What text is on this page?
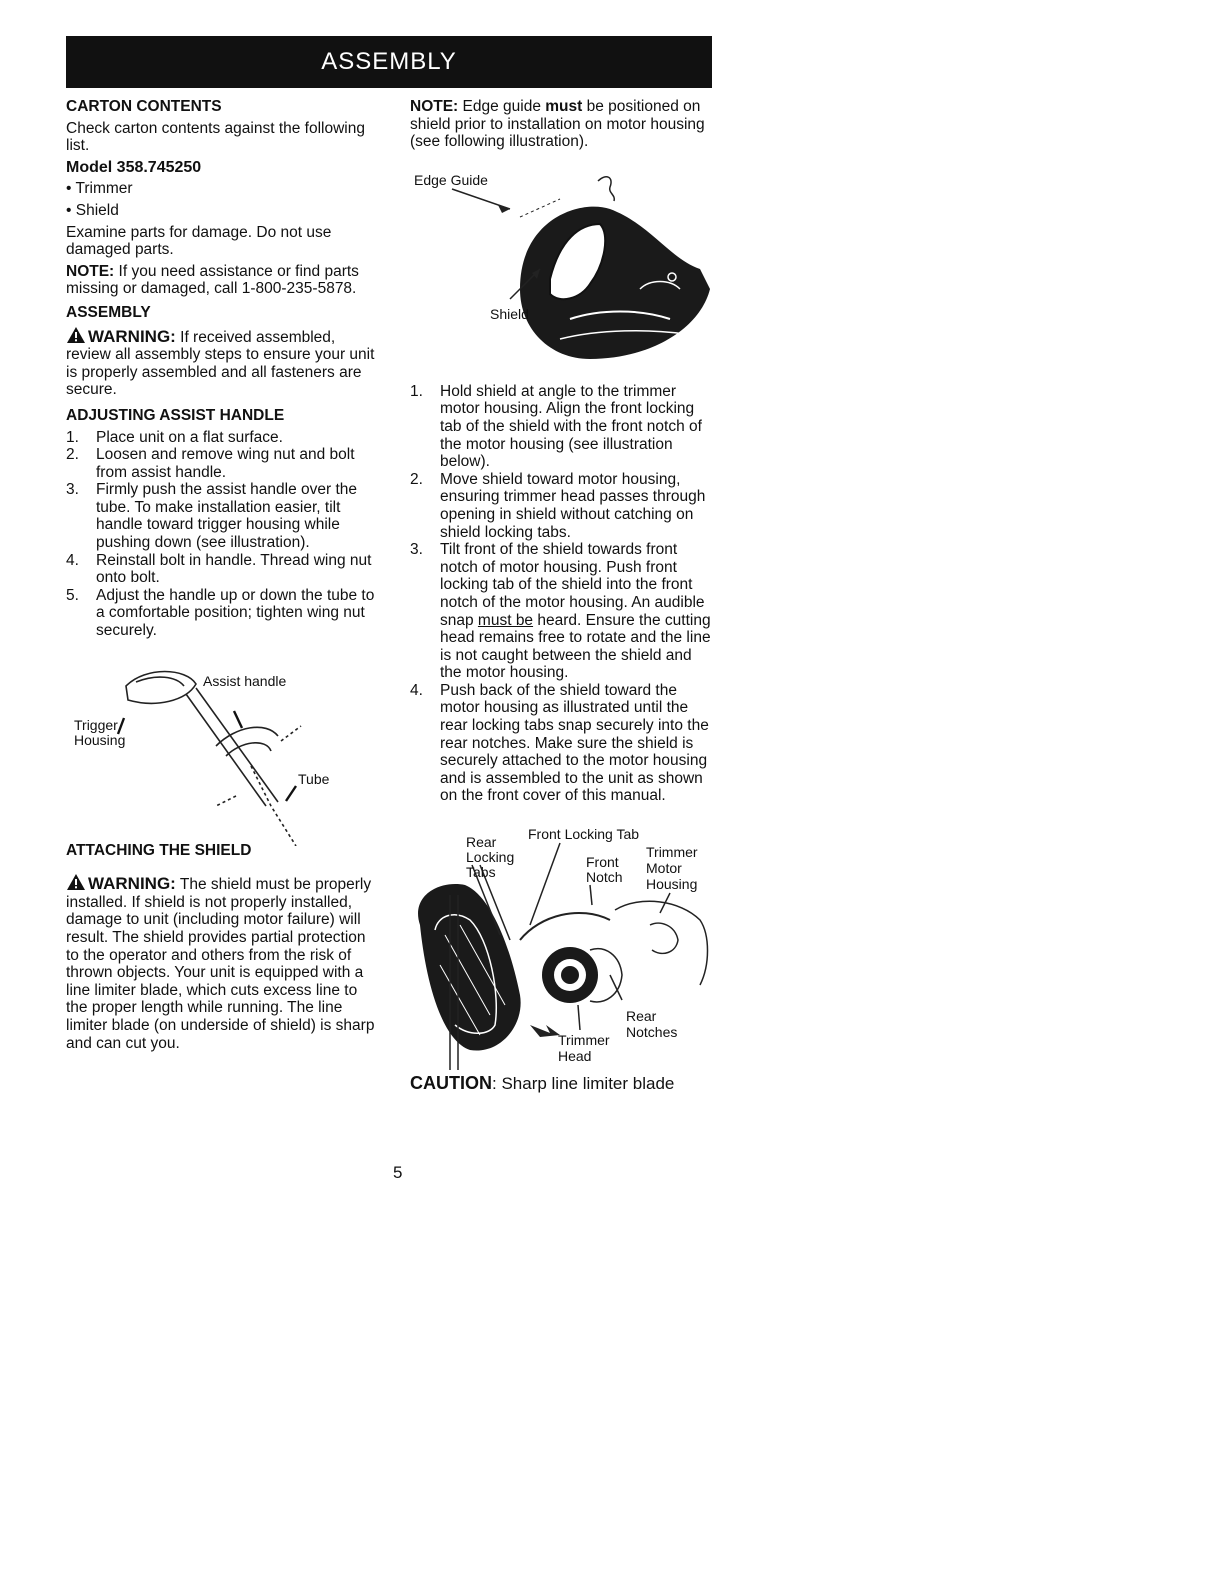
ASSEMBLY

CARTON CONTENTS

Check carton contents against the following list.

Model 358.745250

• Trimmer

• Shield

Examine parts for damage. Do not use damaged parts.

NOTE: If you need assistance or find parts missing or damaged, call 1-800-235-5878.

ASSEMBLY

WARNING: If received assembled, review all assembly steps to ensure your unit is properly assembled and all fasteners are secure.

ADJUSTING ASSIST HANDLE

1. Place unit on a flat surface.
2. Loosen and remove wing nut and bolt from assist handle.
3. Firmly push the assist handle over the tube. To make installation easier, tilt handle toward trigger housing while pushing down (see illustration).
4. Reinstall bolt in handle. Thread wing nut onto bolt.
5. Adjust the handle up or down the tube to a comfortable position; tighten wing nut securely.
Assist handle
Trigger
Housing
Tube

ATTACHING THE SHIELD

WARNING: The shield must be properly installed. If shield is not properly installed, damage to unit (including motor failure) will result. The shield provides partial protection to the operator and others from the risk of thrown objects. Your unit is equipped with a line limiter blade, which cuts excess line to the proper length while running. The line limiter blade (on underside of shield) is sharp and can cut you.

NOTE: Edge guide must be positioned on shield prior to installation on motor housing (see following illustration).

Edge Guide
Shield
1. Hold shield at angle to the trimmer motor housing. Align the front locking tab of the shield with the front notch of the motor housing (see illustration below).
2. Move shield toward motor housing, ensuring trimmer head passes through opening in shield without catching on shield locking tabs.
3. Tilt front of the shield towards front notch of motor housing. Push front locking tab of the shield into the front notch of the motor housing. An audible snap must be heard. Ensure the cutting head remains free to rotate and the line is not caught between the shield and the motor housing.
4. Push back of the shield toward the motor housing as illustrated until the rear locking tabs snap securely into the rear notches. Make sure the shield is securely attached to the motor housing and is assembled to the unit as shown on the front cover of this manual.
Rear
Locking
Tabs
Front Locking Tab
Front
Notch
Trimmer
Motor
Housing
Rear
Notches
Trimmer
Head

CAUTION: Sharp line limiter blade

5
